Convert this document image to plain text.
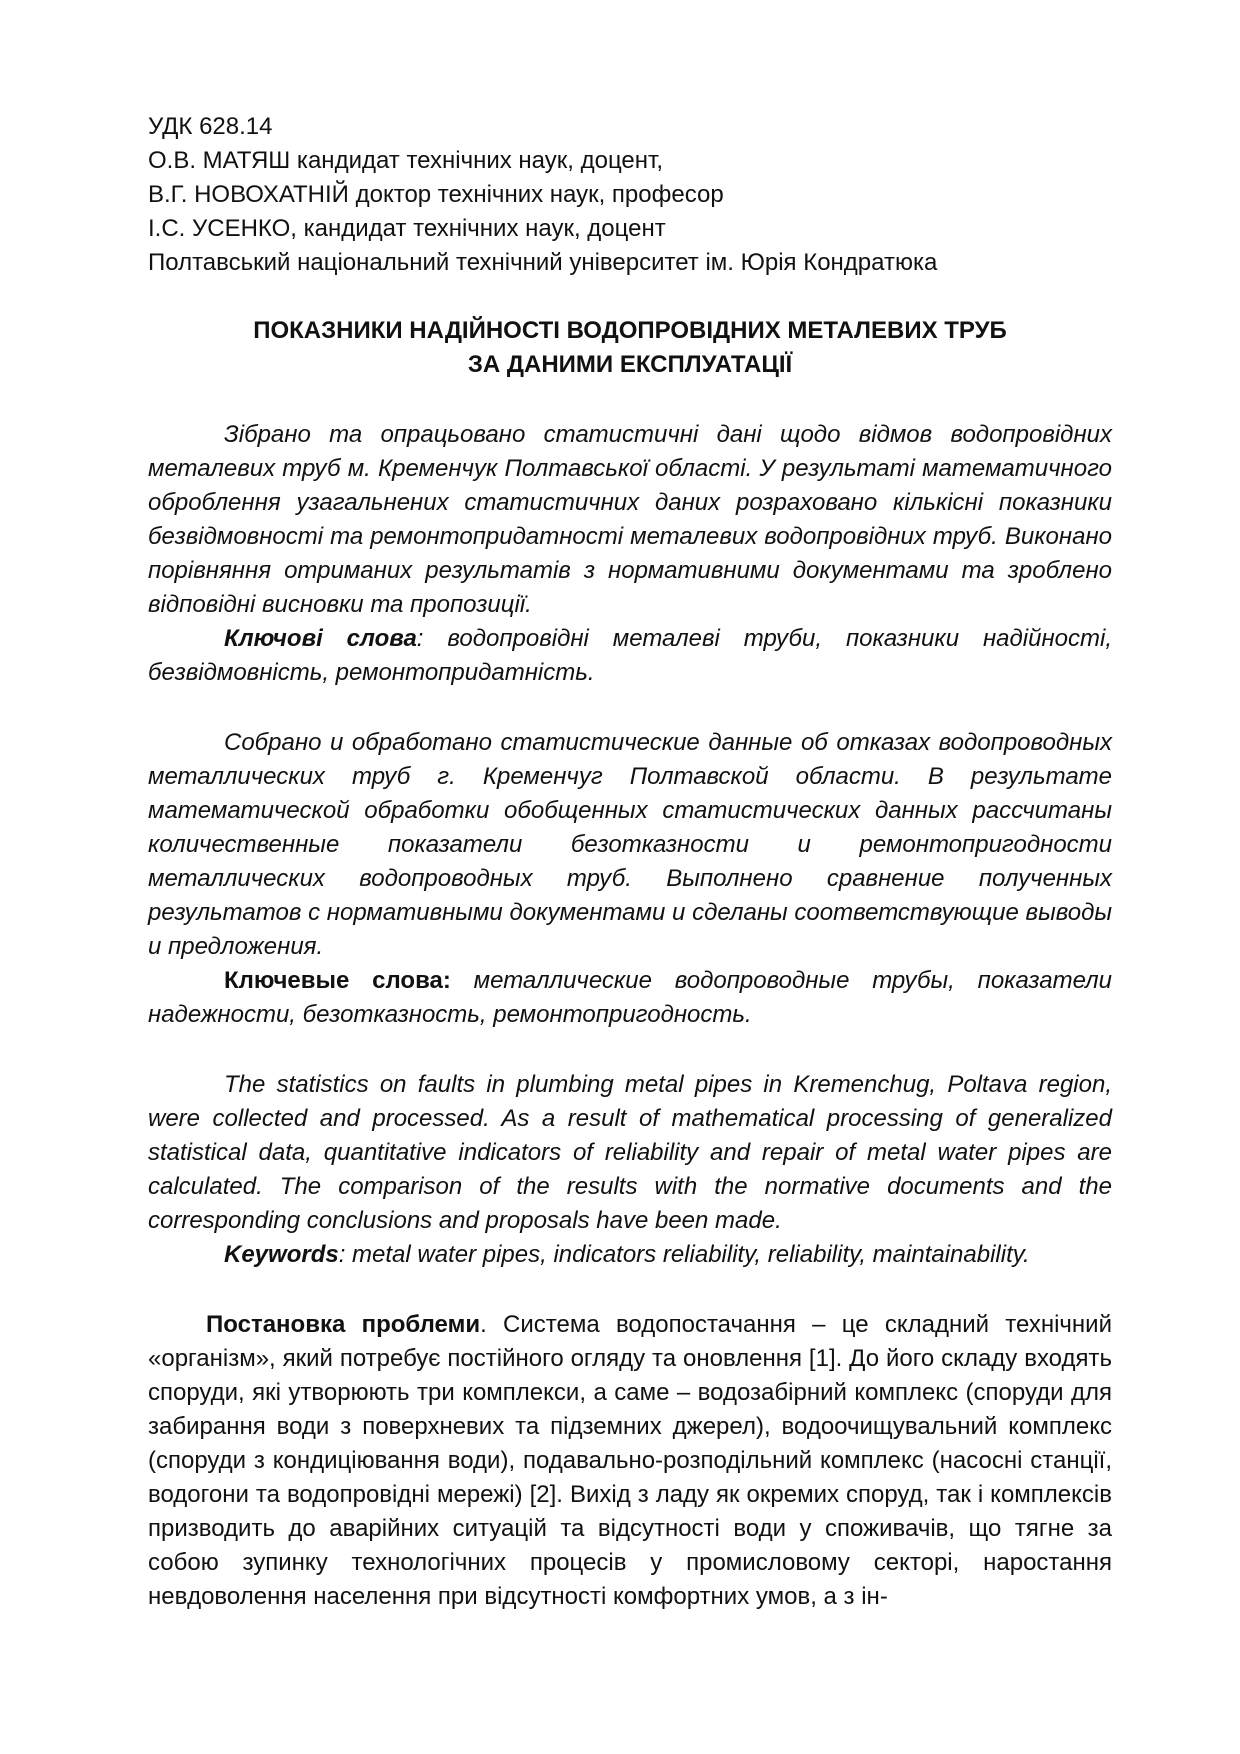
УДК 628.14

О.В. МАТЯШ кандидат технічних наук, доцент,

В.Г. НОВОХАТНІЙ доктор технічних наук, професор

І.С. УСЕНКО, кандидат технічних наук, доцент

Полтавський національний технічний університет ім. Юрія Кондратюка

ПОКАЗНИКИ НАДІЙНОСТІ ВОДОПРОВІДНИХ МЕТАЛЕВИХ ТРУБ

ЗА ДАНИМИ ЕКСПЛУАТАЦІЇ

Зібрано та опрацьовано статистичні дані щодо відмов водопровідних металевих труб м. Кременчук Полтавської області. У результаті математичного оброблення узагальнених статистичних даних розраховано кількісні показники безвідмовності та ремонтопридатності металевих водопровідних труб. Виконано порівняння отриманих результатів з нормативними документами та зроблено відповідні висновки та пропозиції.

Ключові слова: водопровідні металеві труби, показники надійності, безвідмовність, ремонтопридатність.

Собрано и обработано статистические данные об отказах водопроводных металлических труб г. Кременчуг Полтавской области. В результате математической обработки обобщенных статистических данных рассчитаны количественные показатели безотказности и ремонтопригодности металлических водопроводных труб. Выполнено сравнение полученных результатов с нормативными документами и сделаны соответствующие выводы и предложения.

Ключевые слова: металлические водопроводные трубы, показатели надежности, безотказность, ремонтопригодность.

The statistics on faults in plumbing metal pipes in Kremenchug, Poltava region, were collected and processed. As a result of mathematical processing of generalized statistical data, quantitative indicators of reliability and repair of metal water pipes are calculated. The comparison of the results with the normative documents and the corresponding conclusions and proposals have been made.

Keywords: metal water pipes, indicators reliability, reliability, maintainability.

Постановка проблеми. Система водопостачання – це складний технічний «організм», який потребує постійного огляду та оновлення [1]. До його складу входять споруди, які утворюють три комплекси, а саме – водозабірний комплекс (споруди для забирання води з поверхневих та підземних джерел), водоочищувальний комплекс (споруди з кондиціювання води), подавально-розподільний комплекс (насосні станції, водогони та водопровідні мережі) [2]. Вихід з ладу як окремих споруд, так і комплексів призводить до аварійних ситуацій та відсутності води у споживачів, що тягне за собою зупинку технологічних процесів у промисловому секторі, наростання невдоволення населення при відсутності комфортних умов, а з ін-
